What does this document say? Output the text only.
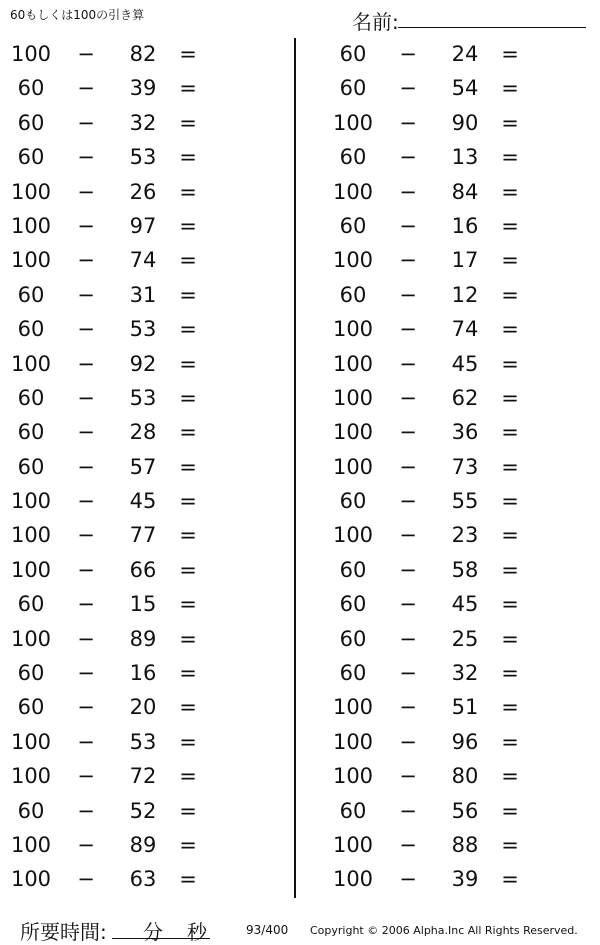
60もしくは100の引き算	名前:
100	− 82 =
60	− 39 =
60	− 32 =
60	− 53 =
100	− 26 =
100	− 97 =
100	− 74 =
60	− 31 =
60	− 53 =
100	− 92 =
60	− 53 =
60	− 28 =
60	− 57 =
100	− 45 =
100	− 77 =
100	− 66 =
60	− 15 =
100	− 89 =
60	− 16 =
60	− 20 =
100	− 53 =
100	− 72 =
60	− 52 =
100	− 89 =
100	− 63 =
60	− 24 =
60	− 54 =
100	− 90 =
60	− 13 =
100	− 84 =
60	− 16 =
100	− 17 =
60	− 12 =
100	− 74 =
100	− 45 =
100	− 62 =
100	− 36 =
100	− 73 =
60	− 55 =
100	− 23 =
60	− 58 =
60	− 45 =
60	− 25 =
60	− 32 =
100	− 51 =
100	− 96 =
100	− 80 =
60	− 56 =
100	− 88 =
100	− 39 =
所要時間: 分 秒	93/400 Copyright © 2006 Alpha.Inc All Rights Reserved.
